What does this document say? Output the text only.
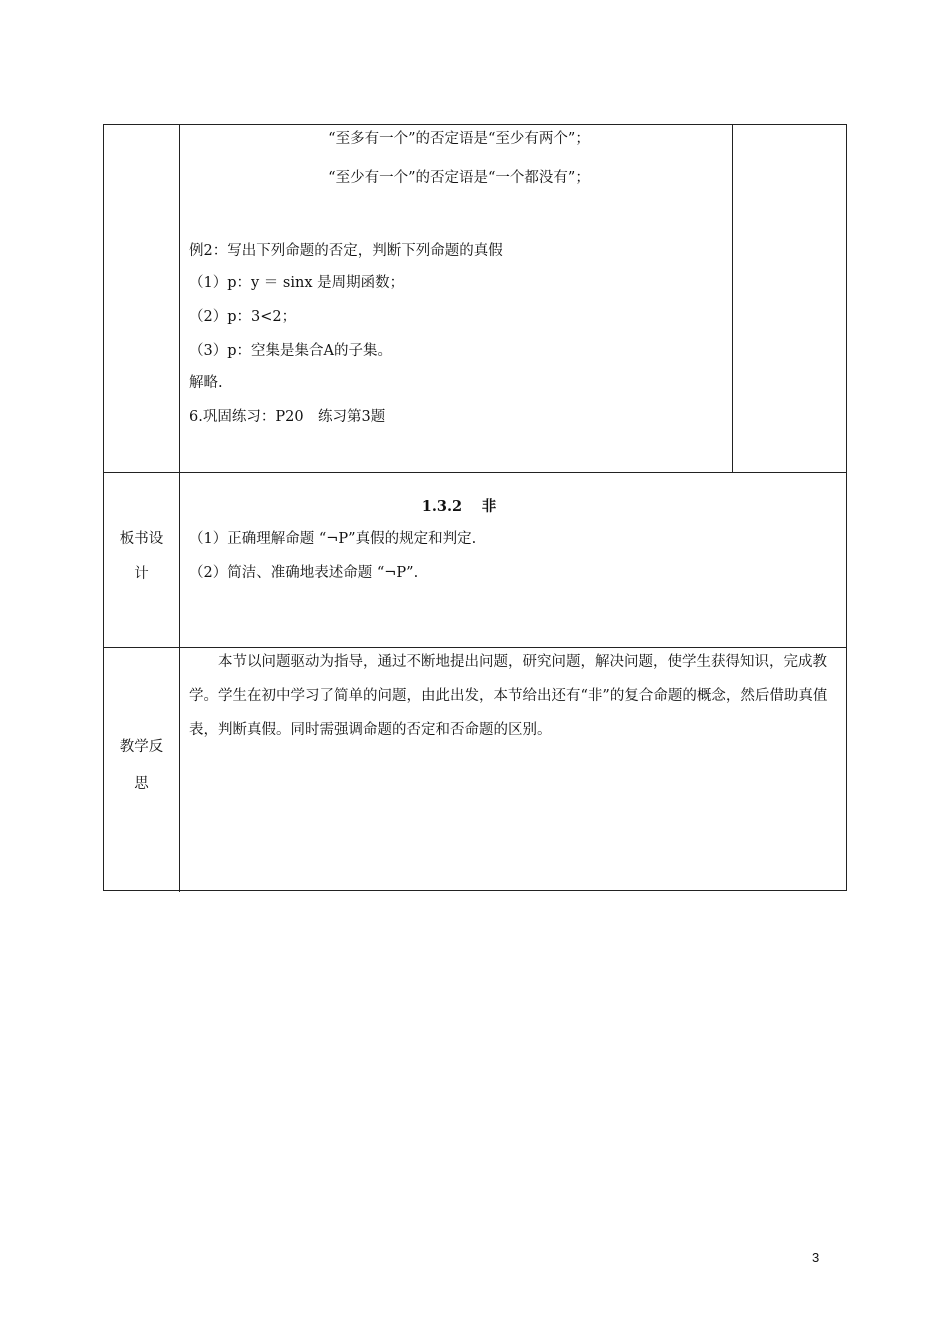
“至多有一个”的否定语是“至少有两个”；
“至少有一个”的否定语是“一个都没有”；
例2：写出下列命题的否定，判断下列命题的真假
（1）p：y ＝ sinx 是周期函数；
（2）p：3<2；
（3）p：空集是集合A的子集。
解略.
6.巩固练习：P20　练习第3题
板书设
计
1.3.2　 非
（1）正确理解命题 “¬P”真假的规定和判定.
（2）简洁、准确地表述命题 “¬P”.
教学反
思
本节以问题驱动为指导，通过不断地提出问题，研究问题，解决问题，使学生获得知识，完成教学。学生在初中学习了简单的问题，由此出发，本节给出还有“非”的复合命题的概念，然后借助真值表，判断真假。同时需强调命题的否定和否命题的区别。
3
